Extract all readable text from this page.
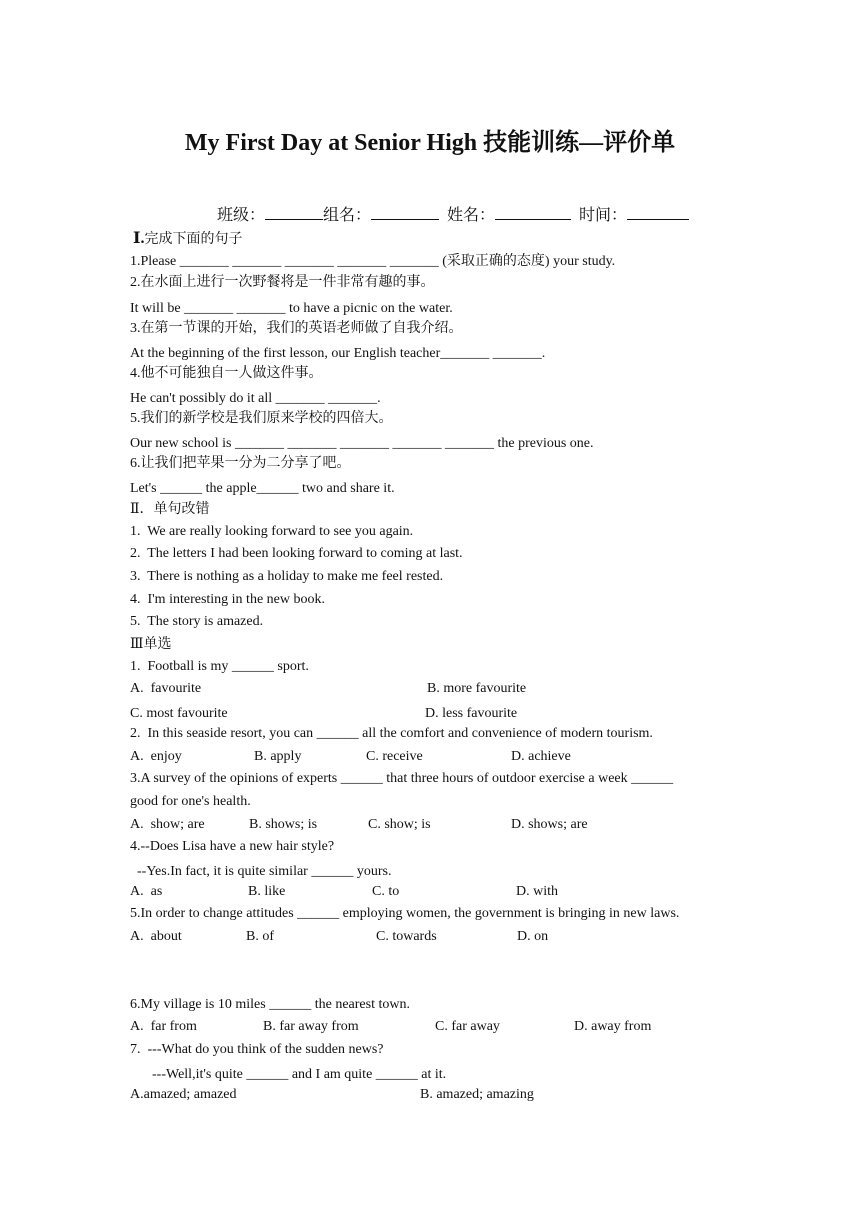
My First Day at Senior High 技能训练—评价单
班级：	组名：	姓名：	时间：
Ⅰ.完成下面的句子
1.Please _______ _______ _______ _______ _______ (采取正确的态度) your study.
2.在水面上进行一次野餐将是一件非常有趣的事。
It will be _______ _______ to have a picnic on the water.
3.在第一节课的开始，我们的英语老师做了自我介绍。
At the beginning of the first lesson, our English teacher_______ _______.
4.他不可能独自一人做这件事。
He can't possibly do it all _______ _______.
5.我们的新学校是我们原来学校的四倍大。
Our new school is _______ _______ _______ _______ _______ the previous one.
6.让我们把苹果一分为二分享了吧。
Let's ______ the apple______ two and share it.
Ⅱ．单句改错
1.  We are really looking forward to see you again.
2.  The letters I had been looking forward to coming at last.
3.  There is nothing as a holiday to make me feel rested.
4.  I'm interesting in the new book.
5.  The story is amazed.
Ⅲ单选
1.  Football is my ______ sport.
A.  favourite	B. more favourite
C. most favourite	D. less favourite
2.  In this seaside resort, you can ______ all the comfort and convenience of modern tourism.
A.  enjoy	B. apply	C. receive	D. achieve
3.A survey of the opinions of experts ______ that three hours of outdoor exercise a week ______
good for one's health.
A.  show; are	B. shows; is	C. show; is	D. shows; are
4.--Does Lisa have a new hair style?
--Yes.In fact, it is quite similar ______ yours.
A.  as	B. like	C. to	D. with
5.In order to change attitudes ______ employing women, the government is bringing in new laws.
A.  about	B. of	C. towards	D. on
6.My village is 10 miles ______ the nearest town.
A.  far from	B. far away from	C. far away	D. away from
7.  ---What do you think of the sudden news?
---Well,it's quite ______ and I am quite ______ at it.
A.amazed; amazed	B. amazed; amazing
